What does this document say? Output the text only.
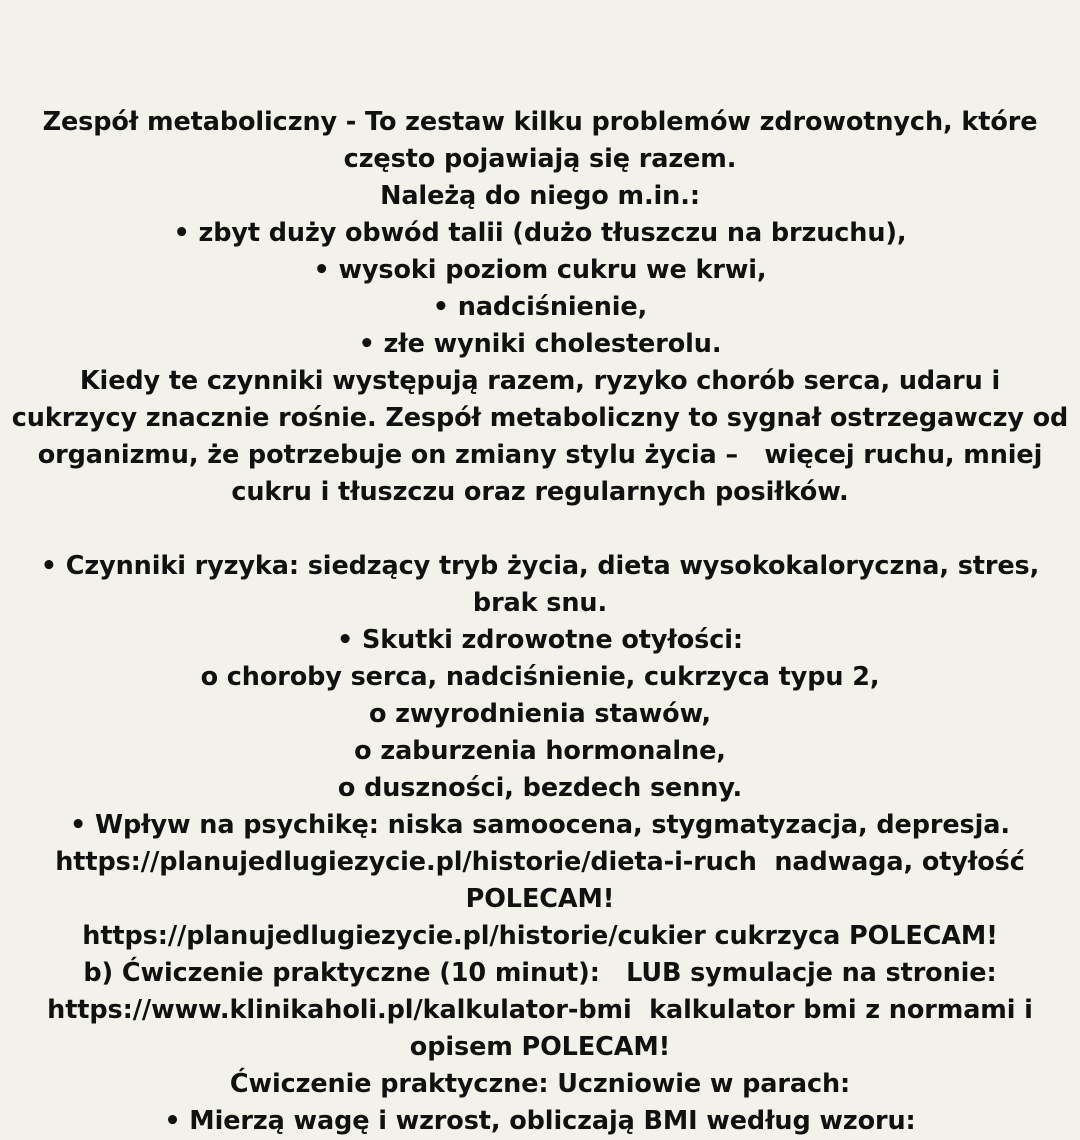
Zespół metaboliczny - To zestaw kilku problemów zdrowotnych, które
często pojawiają się razem.
Należą do niego m.in.:
• zbyt duży obwód talii (dużo tłuszczu na brzuchu),
• wysoki poziom cukru we krwi,
• nadciśnienie,
• złe wyniki cholesterolu.
Kiedy te czynniki występują razem, ryzyko chorób serca, udaru i
cukrzycy znacznie rośnie. Zespół metaboliczny to sygnał ostrzegawczy od
organizmu, że potrzebuje on zmiany stylu życia –   więcej ruchu, mniej
cukru i tłuszczu oraz regularnych posiłków.
• Czynniki ryzyka: siedzący tryb życia, dieta wysokokaloryczna, stres,
brak snu.
• Skutki zdrowotne otyłości:
o choroby serca, nadciśnienie, cukrzyca typu 2,
o zwyrodnienia stawów,
o zaburzenia hormonalne,
o duszności, bezdech senny.
• Wpływ na psychikę: niska samoocena, stygmatyzacja, depresja.
https://planujedlugiezycie.pl/historie/dieta-i-ruch  nadwaga, otyłość
POLECAM!
https://planujedlugiezycie.pl/historie/cukier cukrzyca POLECAM!
b) Ćwiczenie praktyczne (10 minut):   LUB symulacje na stronie:
https://www.klinikaholi.pl/kalkulator-bmi  kalkulator bmi z normami i
opisem POLECAM!
Ćwiczenie praktyczne: Uczniowie w parach:
• Mierzą wagę i wzrost, obliczają BMI według wzoru:
